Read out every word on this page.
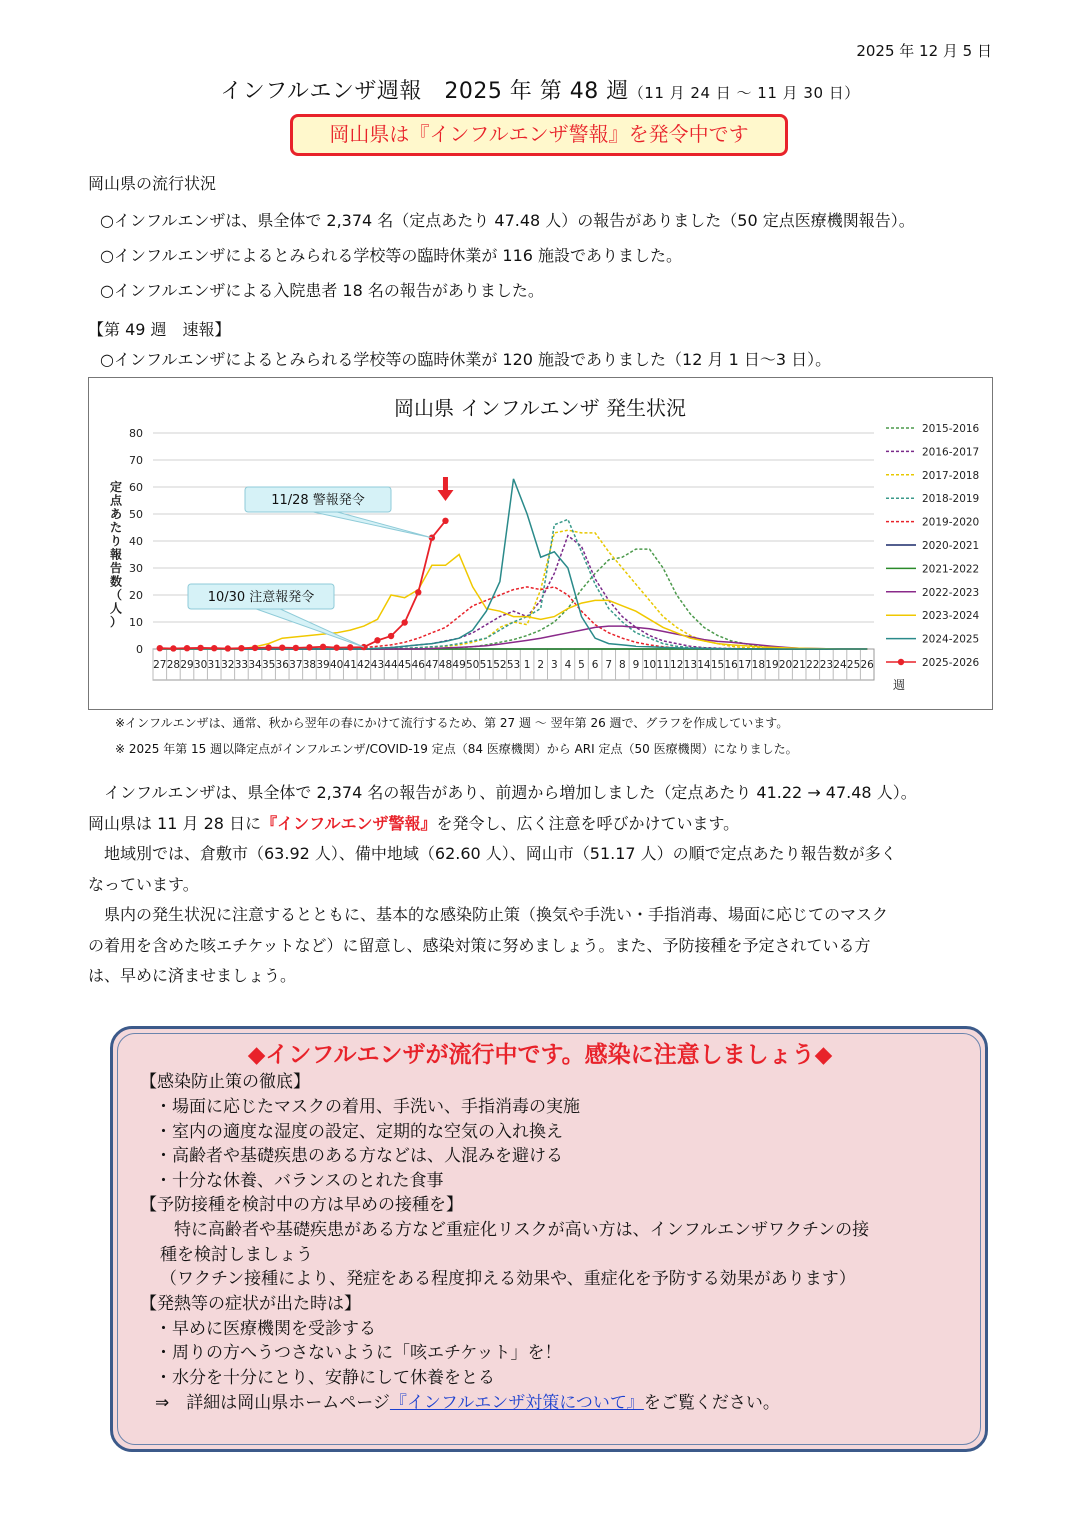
2025 年 12 月 5 日
インフルエンザ週報　2025 年 第 48 週（11 月 24 日 ～ 11 月 30 日）
岡山県は『インフルエンザ警報』を発令中です
岡山県の流行状況
○インフルエンザは、県全体で 2,374 名（定点あたり 47.48 人）の報告がありました（50 定点医療機関報告）。
○インフルエンザによるとみられる学校等の臨時休業が 116 施設でありました。
○インフルエンザによる入院患者 18 名の報告がありました。
【第 49 週　速報】
○インフルエンザによるとみられる学校等の臨時休業が 120 施設でありました（12 月 1 日～3 日）。
岡山県 インフルエンザ 発生状況
0
10
20
30
40
50
60
70
80
定
点
あ
た
り
報
告
数
（
人
）
27 28 29 30 31 32 33 34 35 36 37 38 39 40 41 42 43 44 45 46 47 48 49 50 51 52 53 1 2 3 4 5 6 7 8 9 10 11 12 13 14 15 16 17 18 19 20 21 22 23 24 25 26
週
2015-2016
2016-2017
2017-2018
2018-2019
2019-2020
2020-2021
2021-2022
2022-2023
2023-2024
2024-2025
2025-2026
11/28 警報発令
10/30 注意報発令
※インフルエンザは、通常、秋から翌年の春にかけて流行するため、第 27 週 ～ 翌年第 26 週で、グラフを作成しています。
※ 2025 年第 15 週以降定点がインフルエンザ/COVID-19 定点（84 医療機関）から ARI 定点（50 医療機関）になりました。
　インフルエンザは、県全体で 2,374 名の報告があり、前週から増加しました（定点あたり 41.22 → 47.48 人）。
岡山県は 11 月 28 日に『インフルエンザ警報』を発令し、広く注意を呼びかけています。
　地域別では、倉敷市（63.92 人）、備中地域（62.60 人）、岡山市（51.17 人）の順で定点あたり報告数が多く
なっています。
　県内の発生状況に注意するとともに、基本的な感染防止策（換気や手洗い・手指消毒、場面に応じてのマスク
の着用を含めた咳エチケットなど）に留意し、感染対策に努めましょう。また、予防接種を予定されている方
は、早めに済ませましょう。
◆インフルエンザが流行中です。感染に注意しましょう◆
【感染防止策の徹底】
・場面に応じたマスクの着用、手洗い、手指消毒の実施
・室内の適度な湿度の設定、定期的な空気の入れ換え
・高齢者や基礎疾患のある方などは、人混みを避ける
・十分な休養、バランスのとれた食事
【予防接種を検討中の方は早めの接種を】
特に高齢者や基礎疾患がある方など重症化リスクが高い方は、インフルエンザワクチンの接
種を検討しましょう
（ワクチン接種により、発症をある程度抑える効果や、重症化を予防する効果があります）
【発熱等の症状が出た時は】
・早めに医療機関を受診する
・周りの方へうつさないように「咳エチケット」を！
・水分を十分にとり、安静にして休養をとる
⇒　詳細は岡山県ホームページ『インフルエンザ対策について』をご覧ください。
